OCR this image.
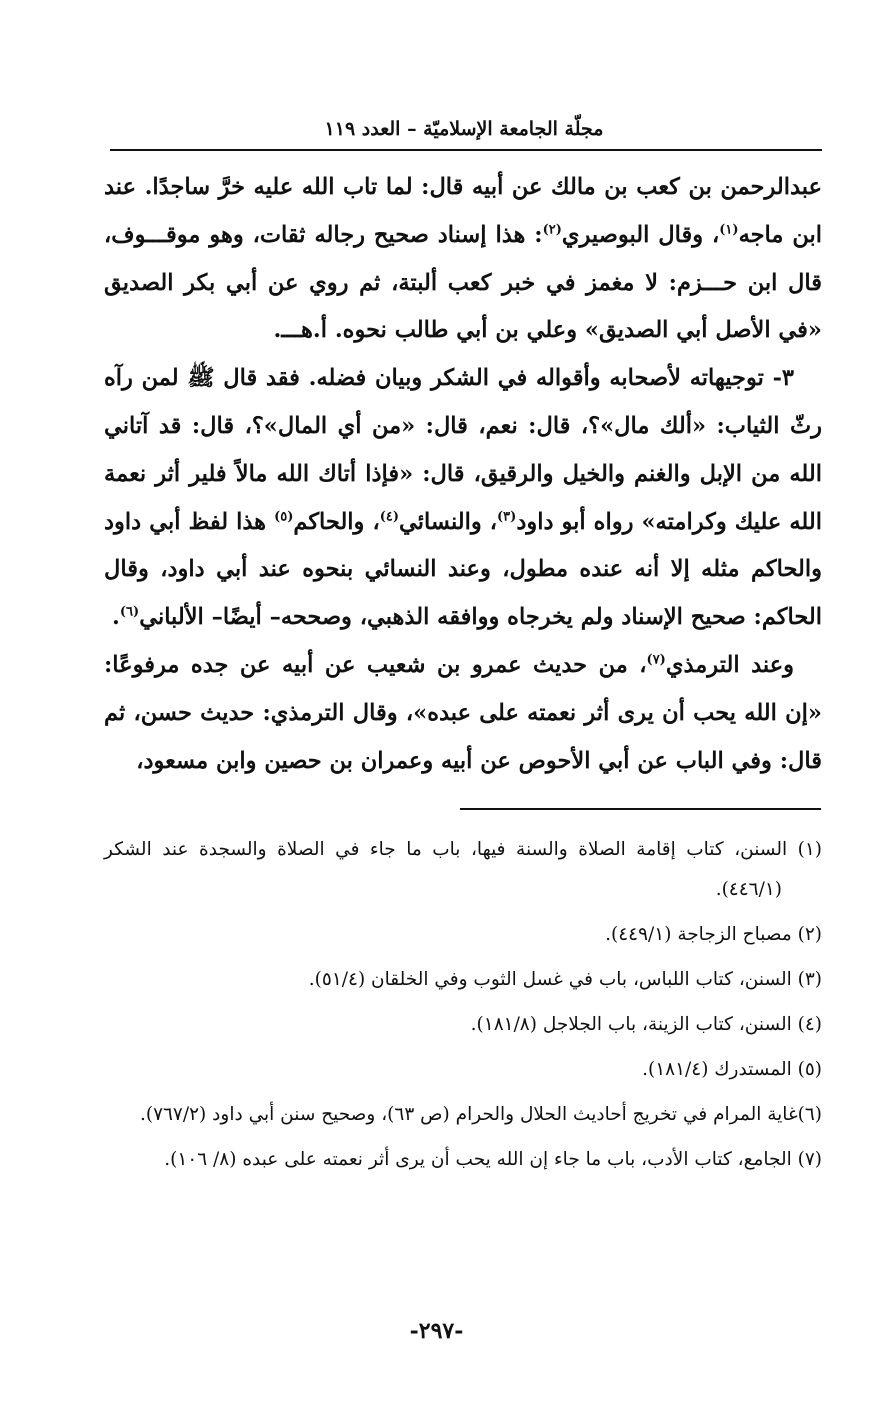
مجلّة الجامعة الإسلاميّة – العدد ١١٩

عبدالرحمن بن كعب بن مالك عن أبيه قال: لما تاب الله عليه خرَّ ساجدًا. عند ابن ماجه$^{(١)}$، وقال البوصيري$^{(٢)}$: هذا إسناد صحيح رجاله ثقات، وهو موقـــوف، قال ابن حـــزم: لا مغمز في خبر كعب ألبتة، ثم روي عن أبي بكر الصديق «في الأصل أبي الصديق» وعلي بن أبي طالب نحوه. أ.هـــ.

٣- توجيهاته لأصحابه وأقواله في الشكر وبيان فضله. فقد قال ﷺ لمن رآه رثّ الثياب: «ألك مال»؟، قال: نعم، قال: «من أي المال»؟، قال: قد آتاني الله من الإبل والغنم والخيل والرقيق، قال: «فإذا أتاك الله مالاً فلير أثر نعمة الله عليك وكرامته» رواه أبو داود$^{(٣)}$، والنسائي$^{(٤)}$، والحاكم$^{(٥)}$ هذا لفظ أبي داود والحاكم مثله إلا أنه عنده مطول، وعند النسائي بنحوه عند أبي داود، وقال الحاكم: صحيح الإسناد ولم يخرجاه ووافقه الذهبي، وصححه– أيضًا– الألباني$^{(٦)}$.

وعند الترمذي$^{(٧)}$، من حديث عمرو بن شعيب عن أبيه عن جده مرفوعًا: «إن الله يحب أن يرى أثر نعمته على عبده»، وقال الترمذي: حديث حسن، ثم قال: وفي الباب عن أبي الأحوص عن أبيه وعمران بن حصين وابن مسعود،

(١) السنن، كتاب إقامة الصلاة والسنة فيها، باب ما جاء في الصلاة والسجدة عند الشكر (٤٤٦/١).

(٢) مصباح الزجاجة (٤٤٩/١).

(٣) السنن، كتاب اللباس، باب في غسل الثوب وفي الخلقان (٥١/٤).

(٤) السنن، كتاب الزينة، باب الجلاجل (١٨١/٨).

(٥) المستدرك (١٨١/٤).

(٦)غاية المرام في تخريج أحاديث الحلال والحرام (ص ٦٣)، وصحيح سنن أبي داود (٧٦٧/٢).

(٧) الجامع، كتاب الأدب، باب ما جاء إن الله يحب أن يرى أثر نعمته على عبده (٨/ ١٠٦).

-٢٩٧-
